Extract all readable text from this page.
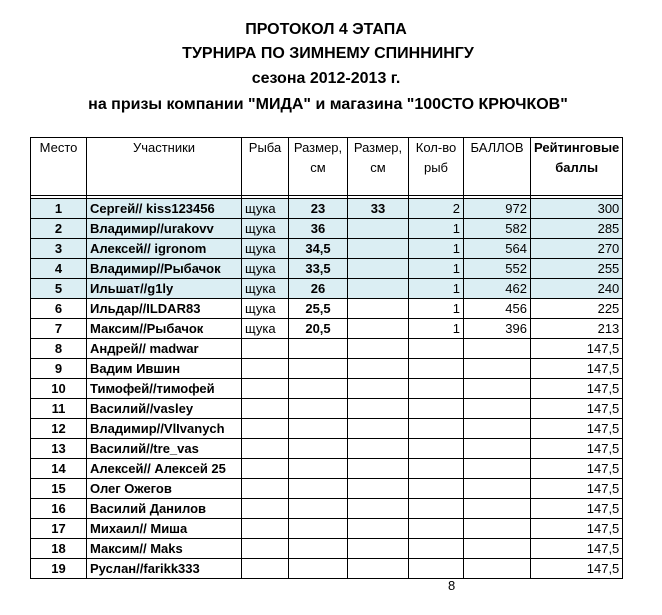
ПРОТОКОЛ 4 ЭТАПА
ТУРНИРА ПО ЗИМНЕМУ СПИННИНГУ
сезона 2012-2013 г.
на призы компании "МИДА" и магазина "100СТО КРЮЧКОВ"
Место	Участники	Рыба	Размер, см	Размер, см	Кол-во рыб	БАЛЛОВ	Рейтинговые баллы

1	Сергей// kiss123456	щука	23	33	2	972	300
2	Владимир//urakovv	щука	36		1	582	285
3	Алексей// igronom	щука	34,5		1	564	270
4	Владимир//Рыбачок	щука	33,5		1	552	255
5	Ильшат//g1ly	щука	26		1	462	240
6	Ильдар//ILDAR83	щука	25,5		1	456	225
7	Максим//Рыбачок	щука	20,5		1	396	213
8	Андрей// madwar						147,5
9	Вадим Ившин						147,5
10	Тимофей//тимофей						147,5
11	Василий//vasley						147,5
12	Владимир//VlIvanych						147,5
13	Василий//tre_vas						147,5
14	Алексей// Алексей 25						147,5
15	Олег Ожегов						147,5
16	Василий Данилов						147,5
17	Михаил// Миша						147,5
18	Максим// Maks						147,5
19	Руслан//farikk333						147,5
8
